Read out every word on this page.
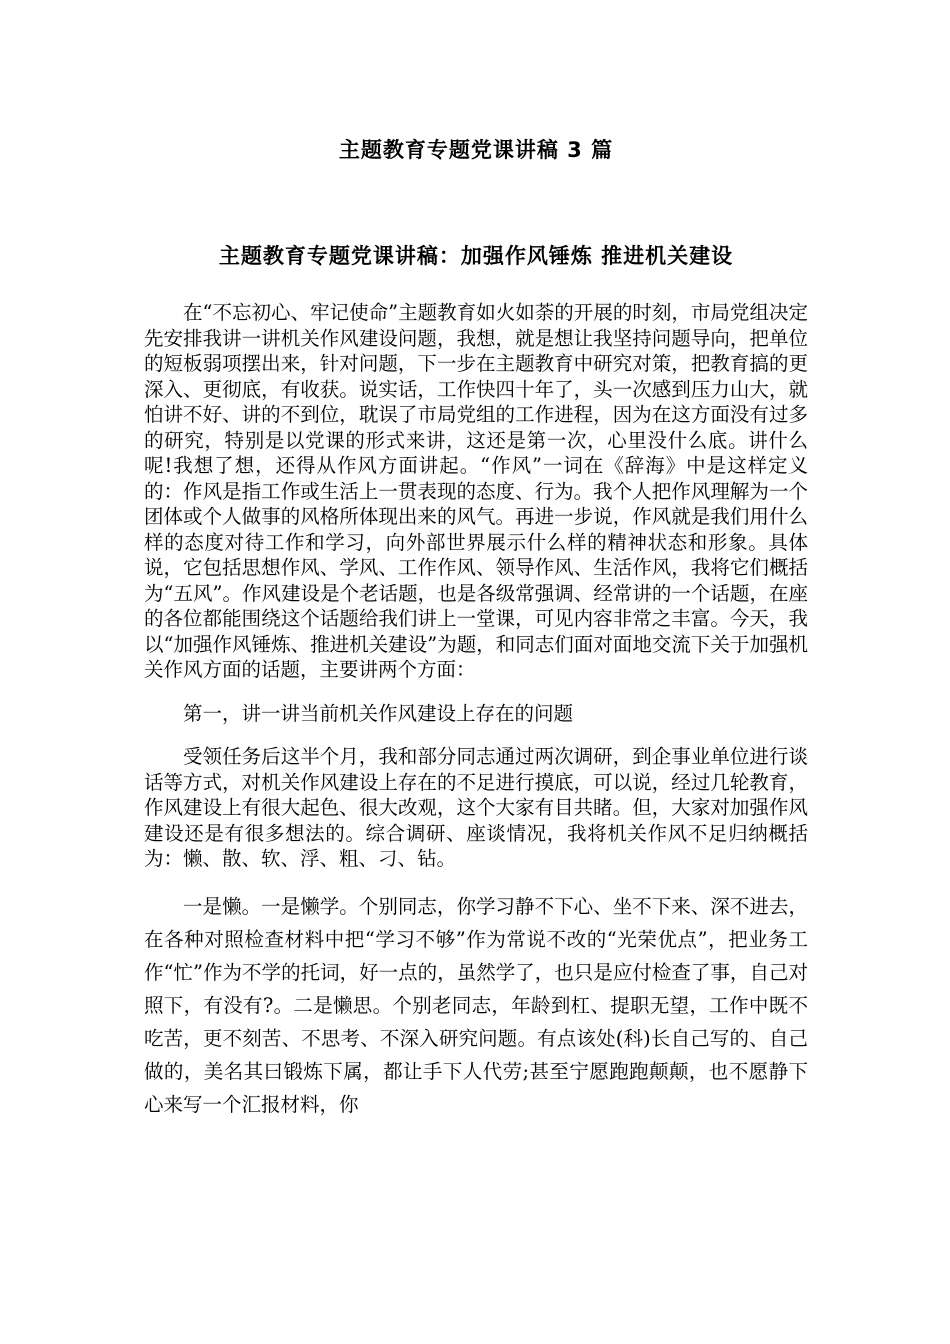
主题教育专题党课讲稿 3 篇
主题教育专题党课讲稿：加强作风锤炼 推进机关建设

在“不忘初心、牢记使命”主题教育如火如荼的开展的时刻，市局党组决定先安排我讲一讲机关作风建设问题，我想，就是想让我坚持问题导向，把单位的短板弱项摆出来，针对问题，下一步在主题教育中研究对策，把教育搞的更深入、更彻底，有收获。说实话，工作快四十年了，头一次感到压力山大，就怕讲不好、讲的不到位，耽误了市局党组的工作进程，因为在这方面没有过多的研究，特别是以党课的形式来讲，这还是第一次，心里没什么底。讲什么呢!我想了想，还得从作风方面讲起。“作风”一词在《辞海》中是这样定义的：作风是指工作或生活上一贯表现的态度、行为。我个人把作风理解为一个团体或个人做事的风格所体现出来的风气。再进一步说，作风就是我们用什么样的态度对待工作和学习，向外部世界展示什么样的精神状态和形象。具体说，它包括思想作风、学风、工作作风、领导作风、生活作风，我将它们概括为“五风”。作风建设是个老话题，也是各级常强调、经常讲的一个话题，在座的各位都能围绕这个话题给我们讲上一堂课，可见内容非常之丰富。今天，我以“加强作风锤炼、推进机关建设”为题，和同志们面对面地交流下关于加强机关作风方面的话题，主要讲两个方面：

第一，讲一讲当前机关作风建设上存在的问题

受领任务后这半个月，我和部分同志通过两次调研，到企事业单位进行谈话等方式，对机关作风建设上存在的不足进行摸底，可以说，经过几轮教育，作风建设上有很大起色、很大改观，这个大家有目共睹。但，大家对加强作风建设还是有很多想法的。综合调研、座谈情况，我将机关作风不足归纳概括为：懒、散、软、浮、粗、刁、钻。

一是懒。一是懒学。个别同志，你学习静不下心、坐不下来、深不进去，在各种对照检查材料中把“学习不够”作为常说不改的“光荣优点”，把业务工作“忙”作为不学的托词，好一点的，虽然学了，也只是应付检查了事，自己对照下，有没有?。二是懒思。个别老同志，年龄到杠、提职无望，工作中既不吃苦，更不刻苦、不思考、不深入研究问题。有点该处(科)长自己写的、自己做的，美名其曰锻炼下属，都让手下人代劳;甚至宁愿跑跑颠颠，也不愿静下心来写一个汇报材料，你
